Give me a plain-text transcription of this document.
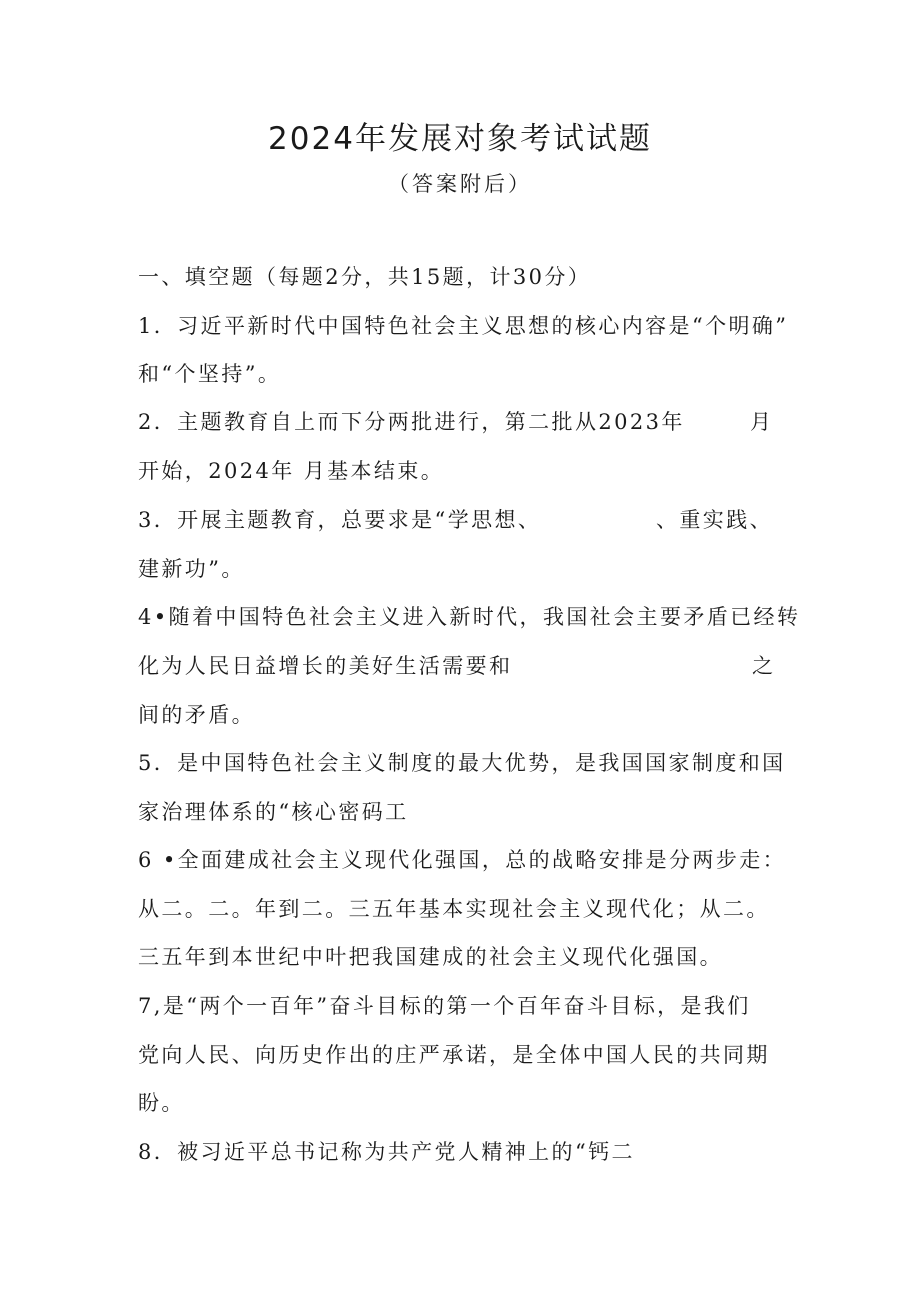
2024年发展对象考试试题
（答案附后）
一、填空题（每题2分，共15题，计30分）
1．习近平新时代中国特色社会主义思想的核心内容是“个明确”
和“个坚持”。
2．主题教育自上而下分两批进行，第二批从2023年	月
开始，2024年 月基本结束。
3．开展主题教育，总要求是“学思想、	、重实践、
建新功”。
4•随着中国特色社会主义进入新时代，我国社会主要矛盾已经转
化为人民日益增长的美好生活需要和	之
间的矛盾。
5．是中国特色社会主义制度的最大优势，是我国国家制度和国
家治理体系的“核心密码工
6 •全面建成社会主义现代化强国，总的战略安排是分两步走：
从二。二。年到二。三五年基本实现社会主义现代化；从二。
三五年到本世纪中叶把我国建成的社会主义现代化强国。
7,是“两个一百年”奋斗目标的第一个百年奋斗目标，是我们
党向人民、向历史作出的庄严承诺，是全体中国人民的共同期
盼。
8．被习近平总书记称为共产党人精神上的“钙二
